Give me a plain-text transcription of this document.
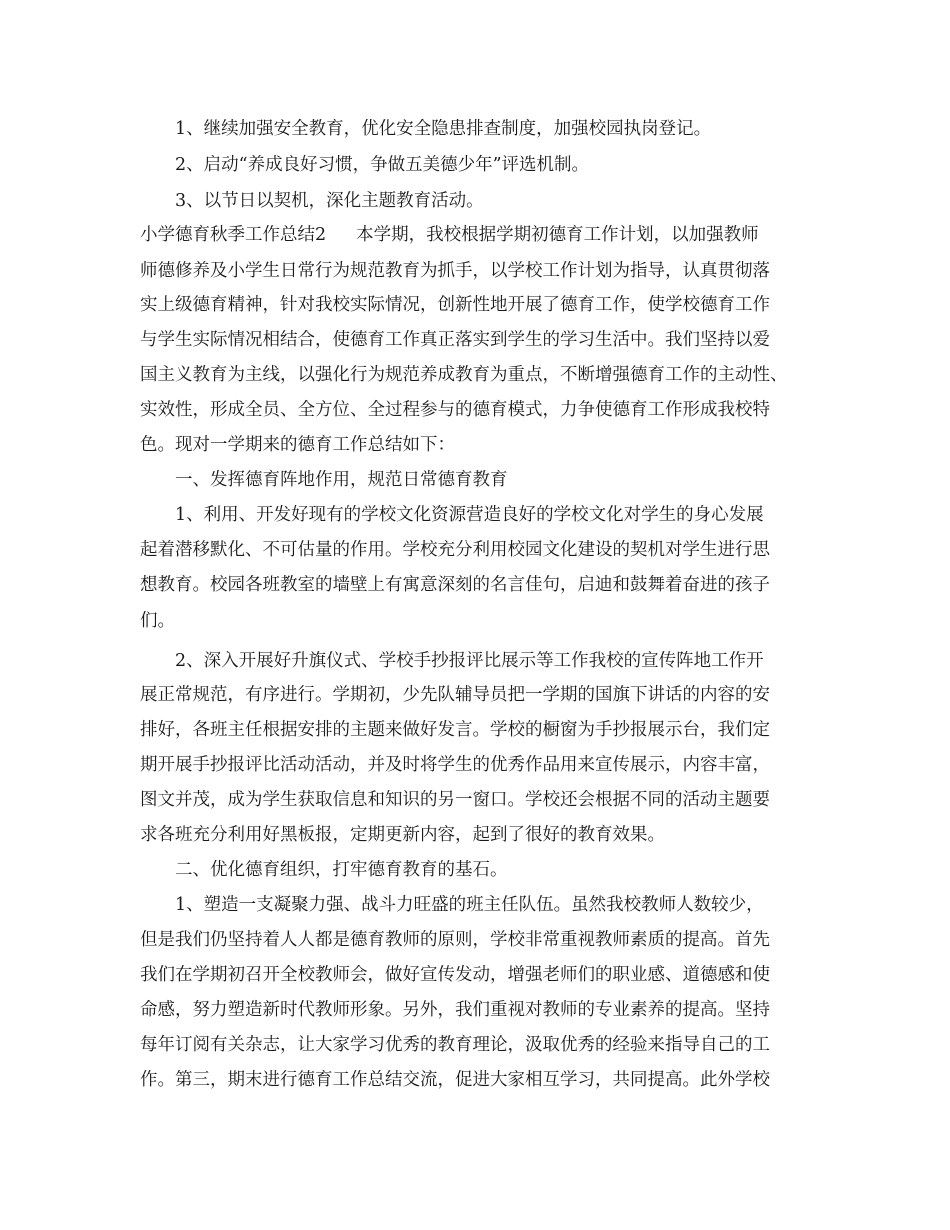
1、继续加强安全教育，优化安全隐患排查制度，加强校园执岗登记。
2、启动“养成良好习惯，争做五美德少年”评选机制。
3、以节日以契机，深化主题教育活动。
小学德育秋季工作总结2 本学期，我校根据学期初德育工作计划，以加强教师
师德修养及小学生日常行为规范教育为抓手，以学校工作计划为指导，认真贯彻落
实上级德育精神，针对我校实际情况，创新性地开展了德育工作，使学校德育工作
与学生实际情况相结合，使德育工作真正落实到学生的学习生活中。我们坚持以爱
国主义教育为主线，以强化行为规范养成教育为重点，不断增强德育工作的主动性、
实效性，形成全员、全方位、全过程参与的德育模式，力争使德育工作形成我校特
色。现对一学期来的德育工作总结如下：
一、发挥德育阵地作用，规范日常德育教育
1、利用、开发好现有的学校文化资源营造良好的学校文化对学生的身心发展
起着潜移默化、不可估量的作用。学校充分利用校园文化建设的契机对学生进行思
想教育。校园各班教室的墙壁上有寓意深刻的名言佳句，启迪和鼓舞着奋进的孩子
们。
2、深入开展好升旗仪式、学校手抄报评比展示等工作我校的宣传阵地工作开
展正常规范，有序进行。学期初，少先队辅导员把一学期的国旗下讲话的内容的安
排好，各班主任根据安排的主题来做好发言。学校的橱窗为手抄报展示台，我们定
期开展手抄报评比活动活动，并及时将学生的优秀作品用来宣传展示，内容丰富，
图文并茂，成为学生获取信息和知识的另一窗口。学校还会根据不同的活动主题要
求各班充分利用好黑板报，定期更新内容，起到了很好的教育效果。
二、优化德育组织，打牢德育教育的基石。
1、塑造一支凝聚力强、战斗力旺盛的班主任队伍。虽然我校教师人数较少，
但是我们仍坚持着人人都是德育教师的原则，学校非常重视教师素质的提高。首先
我们在学期初召开全校教师会，做好宣传发动，增强老师们的职业感、道德感和使
命感，努力塑造新时代教师形象。另外，我们重视对教师的专业素养的提高。坚持
每年订阅有关杂志，让大家学习优秀的教育理论，汲取优秀的经验来指导自己的工
作。第三，期末进行德育工作总结交流，促进大家相互学习，共同提高。此外学校
